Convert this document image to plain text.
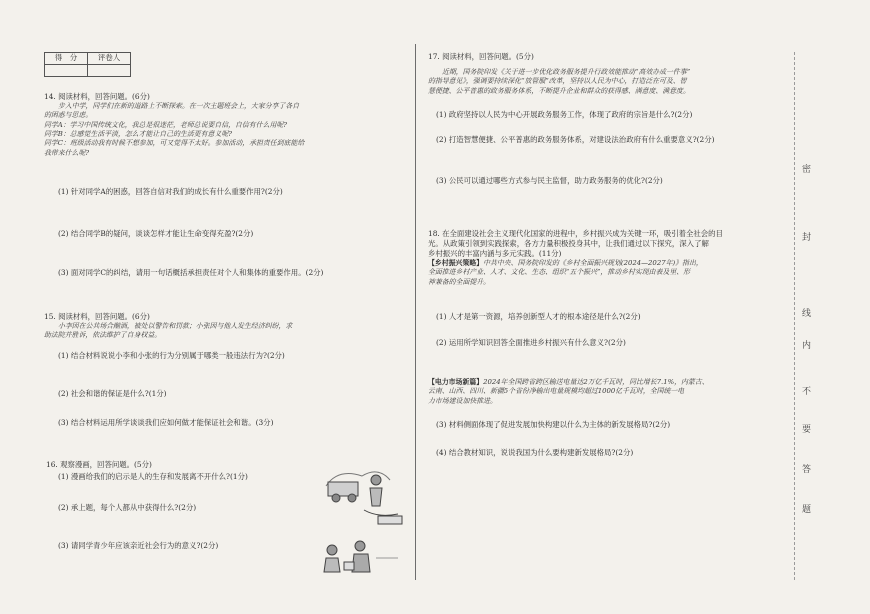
得　分	评卷人

14. 阅读材料，回答问题。(6分)
步入中学，同学们在新的道路上不断探索。在一次主题班会上，大家分享了各自
的困惑与思虑。
同学A：学习中国传统文化，我总是很迷茫，老师总说要自信，自信有什么用呢?
同学B：总感觉生活平淡，怎么才能让自己的生活更有意义呢?
同学C：班级活动我有时候不想参加，可又觉得不太好。参加活动，承担责任到底能给
我带来什么呢?
(1) 针对同学A的困惑，回答自信对我们的成长有什么重要作用?(2分)
(2) 结合同学B的疑问，谈谈怎样才能让生命变得充盈?(2分)
(3) 面对同学C的纠结，请用一句话概括承担责任对个人和集体的重要作用。(2分)
15. 阅读材料，回答问题。(6分)
小李因在公共场合酗酒，被处以警告和罚款；小张因与他人发生经济纠纷，求
助法院并胜诉，依法维护了自身权益。
(1) 结合材料说说小李和小张的行为分别属于哪类一般违法行为?(2分)
(2) 社会和谐的保证是什么?(1分)
(3) 结合材料运用所学谈谈我们应如何做才能保证社会和谐。(3分)
16. 观察漫画，回答问题。(5分)
(1) 漫画给我们的启示是人的生存和发展离不开什么?(1分)
(2) 承上题，每个人都从中获得什么?(2分)
(3) 请同学青少年应该亲近社会行为的意义?(2分)
17. 阅读材料，回答问题。(5分)
近期，国务院印发《关于进一步优化政务服务提升行政效能推动“高效办成一件事”
的指导意见》，强调要持续深化“放管服”改革，坚持以人民为中心，打造泛在可及、智
慧便捷、公平普惠的政务服务体系，不断提升企业和群众的获得感、满意度、满意度。
(1) 政府坚持以人民为中心开展政务服务工作，体现了政府的宗旨是什么?(2分)
(2) 打造智慧便捷、公平普惠的政务服务体系，对建设法治政府有什么重要意义?(2分)
(3) 公民可以通过哪些方式参与民主监督，助力政务服务的优化?(2分)
18. 在全面建设社会主义现代化国家的进程中，乡村振兴成为关键一环，吸引着全社会的目
光。从政策引领到实践探索，各方力量积极投身其中，让我们通过以下探究，深入了解
乡村振兴的丰富内涵与多元实践。(11分)
【乡村振兴策略】中共中央、国务院印发的《乡村全面振兴规划(2024—2027年)》指出，
全面推进乡村产业、人才、文化、生态、组织“五个振兴”，推动乡村实现由表及里、形
神兼备的全面提升。
(1) 人才是第一资源，培养创新型人才的根本途径是什么?(2分)
(2) 运用所学知识回答全面推进乡村振兴有什么意义?(2分)
【电力市场新篇】2024年全国跨省跨区输送电量达2万亿千瓦时，同比增长7.1%，内蒙古、
云南、山西、四川、新疆5个省份净输出电量规模均超过1000亿千瓦时，全国统一电
力市场建设加快推进。
(3) 材料侧面体现了促进发展加快构建以什么为主体的新发展格局?(2分)
(4) 结合教材知识，说说我国为什么要构建新发展格局?(2分)
密
封
线
内
不
要
答
题
